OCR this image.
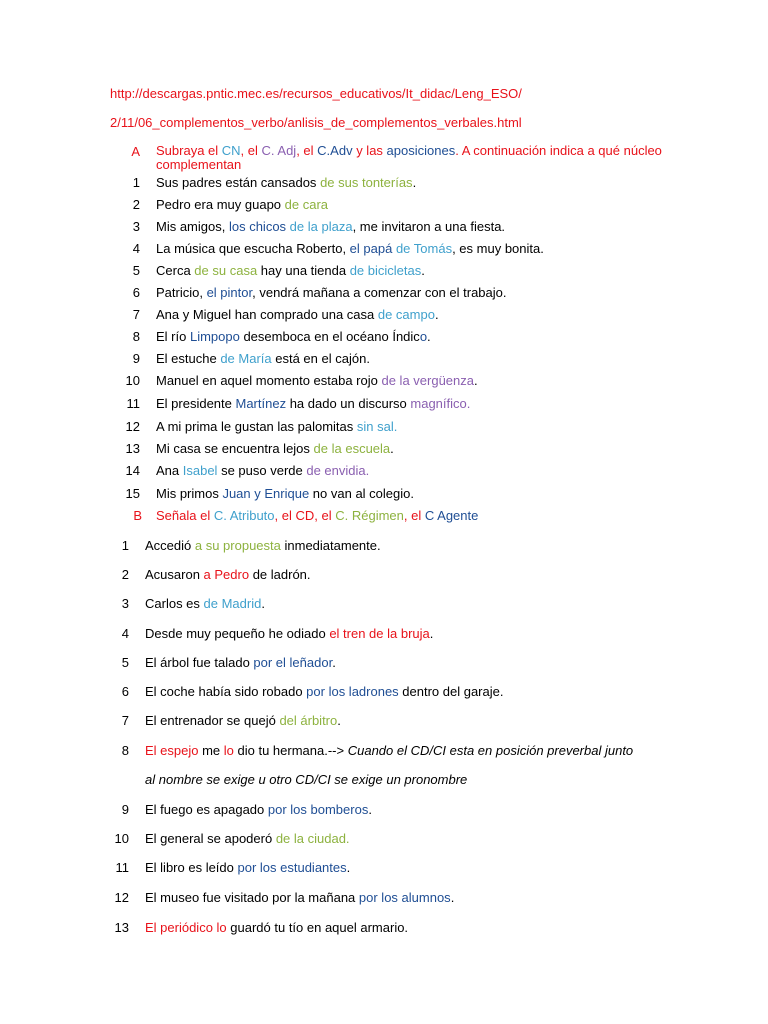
http://descargas.pntic.mec.es/recursos_educativos/It_didac/Leng_ESO/
2/11/06_complementos_verbo/anlisis_de_complementos_verbales.html
A Subraya el CN, el C. Adj, el C.Adv y las aposiciones. A continuación indica a qué núcleo complementan
1 Sus padres están cansados de sus tonterías.
2 Pedro era muy guapo de cara
3 Mis amigos, los chicos de la plaza, me invitaron a una fiesta.
4 La música que escucha Roberto, el papá de Tomás, es muy bonita.
5 Cerca de su casa hay una tienda de bicicletas.
6 Patricio, el pintor, vendrá mañana a comenzar con el trabajo.
7 Ana y Miguel han comprado una casa de campo.
8 El río Limpopo desemboca en el océano Índico.
9 El estuche de María está en el cajón.
10 Manuel en aquel momento estaba rojo de la vergüenza.
11 El presidente Martínez ha dado un discurso magnífico.
12 A mi prima le gustan las palomitas sin sal.
13 Mi casa se encuentra lejos de la escuela.
14 Ana Isabel se puso verde de envidia.
15 Mis primos Juan y Enrique no van al colegio.
B Señala el C. Atributo, el CD, el C. Régimen, el C Agente
1 Accedió a su propuesta inmediatamente.
2 Acusaron a Pedro de ladrón.
3 Carlos es de Madrid.
4 Desde muy pequeño he odiado el tren de la bruja.
5 El árbol fue talado por el leñador.
6 El coche había sido robado por los ladrones dentro del garaje.
7 El entrenador se quejó del árbitro.
8 El espejo me lo dio tu hermana.--> Cuando el CD/CI esta en posición preverbal junto
al nombre se exige u otro CD/CI se exige un pronombre
9 El fuego es apagado por los bomberos.
10 El general se apoderó de la ciudad.
11 El libro es leído por los estudiantes.
12 El museo fue visitado por la mañana por los alumnos.
13 El periódico lo guardó tu tío en aquel armario.
